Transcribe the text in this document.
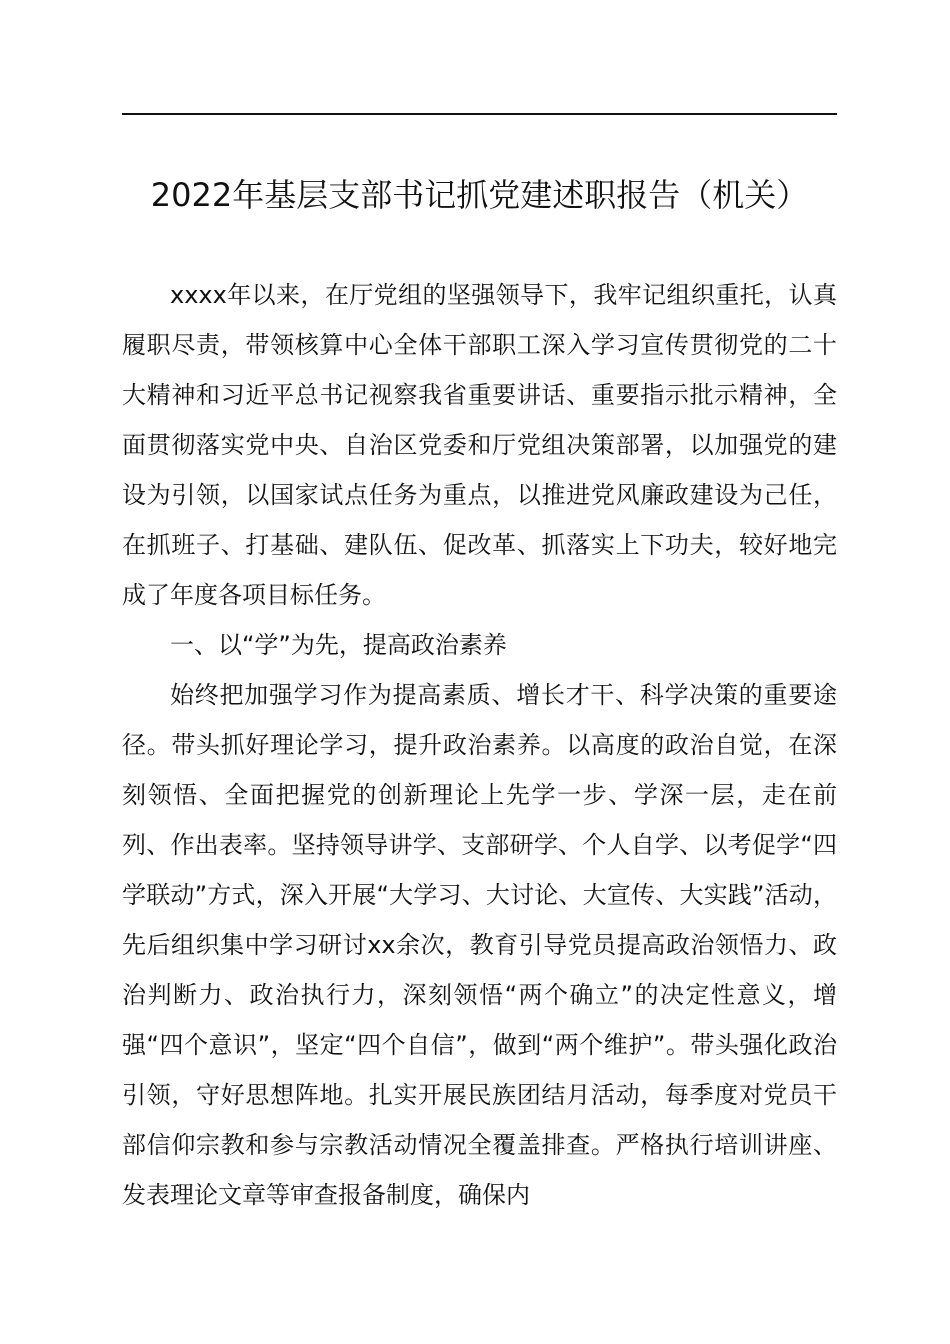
2022年基层支部书记抓党建述职报告（机关）

xxxx年以来，在厅党组的坚强领导下，我牢记组织重托，认真履职尽责，带领核算中心全体干部职工深入学习宣传贯彻党的二十大精神和习近平总书记视察我省重要讲话、重要指示批示精神，全面贯彻落实党中央、自治区党委和厅党组决策部署，以加强党的建设为引领，以国家试点任务为重点，以推进党风廉政建设为己任，在抓班子、打基础、建队伍、促改革、抓落实上下功夫，较好地完成了年度各项目标任务。

一、以“学”为先，提高政治素养

始终把加强学习作为提高素质、增长才干、科学决策的重要途径。带头抓好理论学习，提升政治素养。以高度的政治自觉，在深刻领悟、全面把握党的创新理论上先学一步、学深一层，走在前列、作出表率。坚持领导讲学、支部研学、个人自学、以考促学“四学联动”方式，深入开展“大学习、大讨论、大宣传、大实践”活动，先后组织集中学习研讨xx余次，教育引导党员提高政治领悟力、政治判断力、政治执行力，深刻领悟“两个确立”的决定性意义，增强“四个意识”，坚定“四个自信”，做到“两个维护”。带头强化政治引领，守好思想阵地。扎实开展民族团结月活动，每季度对党员干部信仰宗教和参与宗教活动情况全覆盖排查。严格执行培训讲座、发表理论文章等审查报备制度，确保内
